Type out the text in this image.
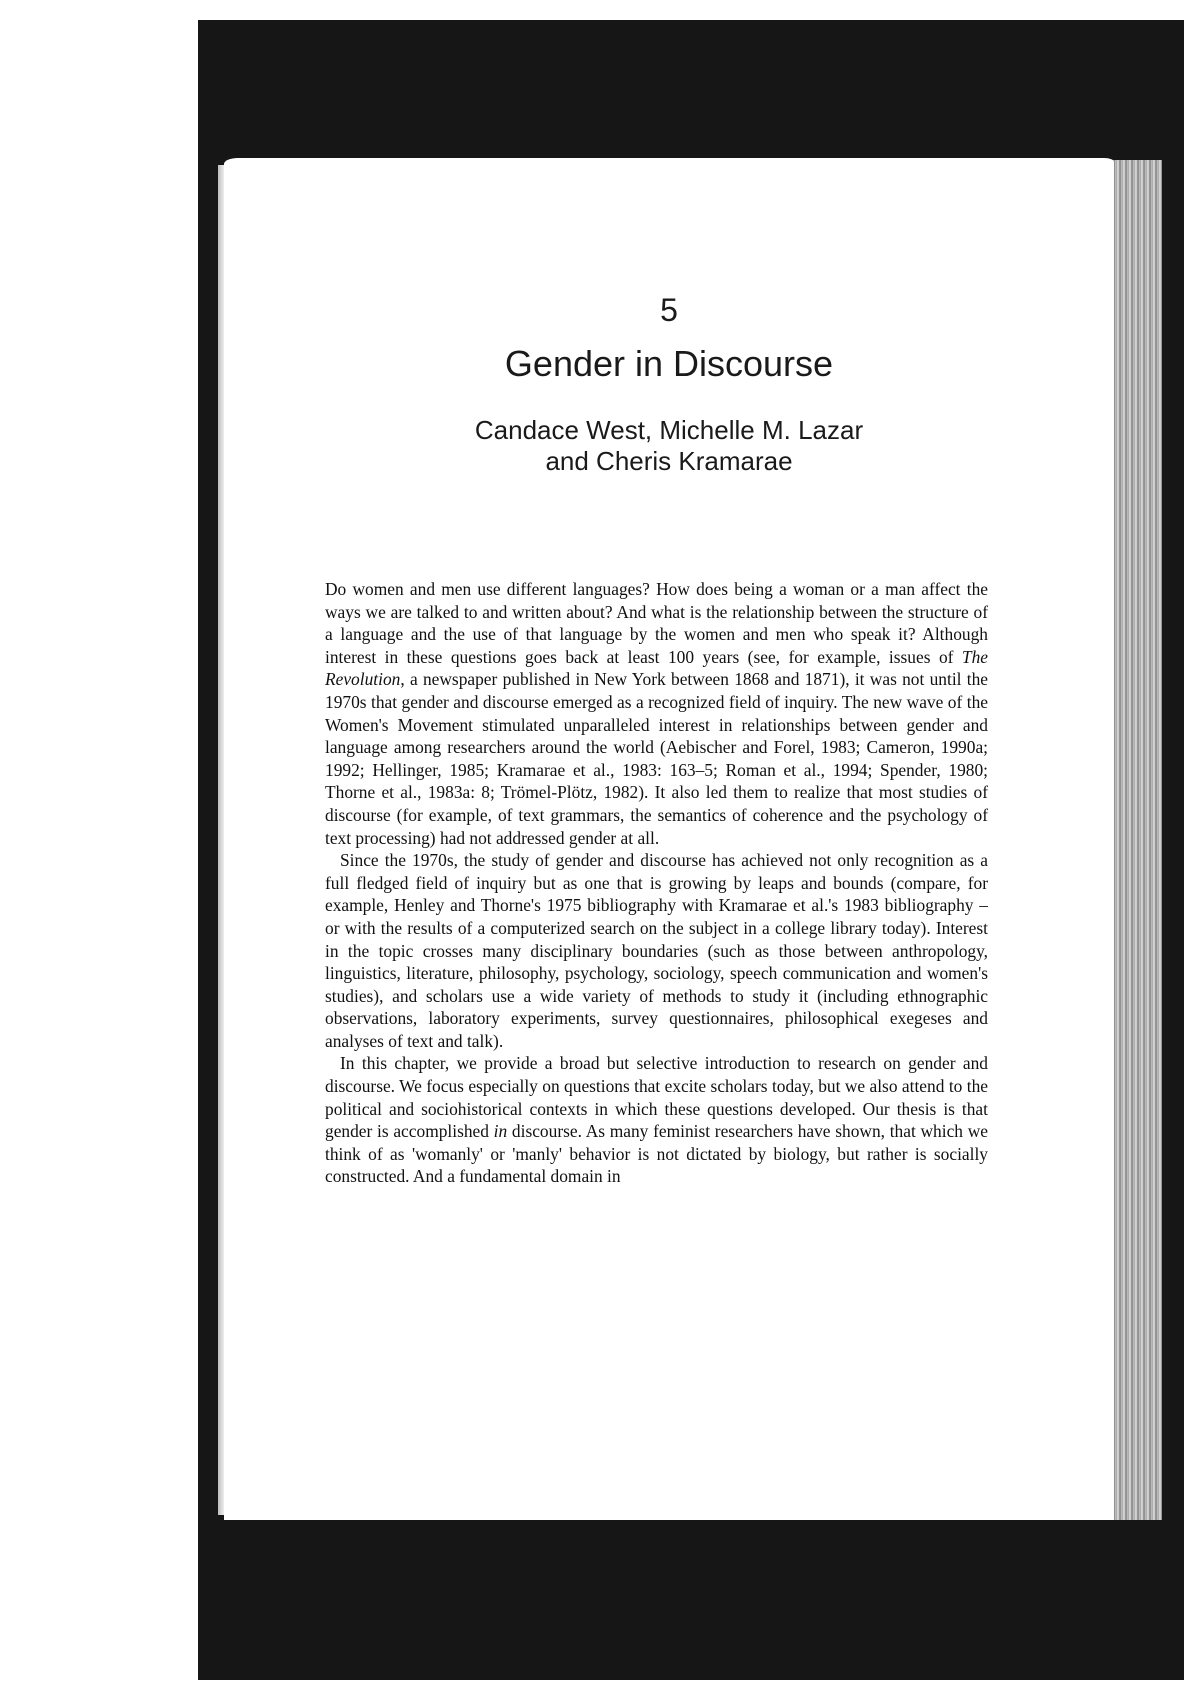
5
Gender in Discourse
Candace West, Michelle M. Lazar
and Cheris Kramarae

Do women and men use different languages? How does being a woman or a man affect the ways we are talked to and written about? And what is the relationship between the structure of a language and the use of that language by the women and men who speak it? Although interest in these questions goes back at least 100 years (see, for example, issues of The Revolution, a newspaper published in New York between 1868 and 1871), it was not until the 1970s that gender and discourse emerged as a recognized field of inquiry. The new wave of the Women's Movement stimulated unparalleled interest in relationships between gender and language among researchers around the world (Aebischer and Forel, 1983; Cameron, 1990a; 1992; Hellinger, 1985; Kramarae et al., 1983: 163–5; Roman et al., 1994; Spender, 1980; Thorne et al., 1983a: 8; Trömel-Plötz, 1982). It also led them to realize that most studies of discourse (for example, of text grammars, the semantics of coherence and the psychology of text processing) had not addressed gender at all.

Since the 1970s, the study of gender and discourse has achieved not only recognition as a full fledged field of inquiry but as one that is growing by leaps and bounds (compare, for example, Henley and Thorne's 1975 bibliography with Kramarae et al.'s 1983 bibliography – or with the results of a computerized search on the subject in a college library today). Interest in the topic crosses many disciplinary boundaries (such as those between anthropology, linguistics, literature, philosophy, psychology, sociology, speech communication and women's studies), and scholars use a wide variety of methods to study it (including ethnographic observations, laboratory experiments, survey questionnaires, philosophical exegeses and analyses of text and talk).

In this chapter, we provide a broad but selective introduction to research on gender and discourse. We focus especially on questions that excite scholars today, but we also attend to the political and sociohistorical contexts in which these questions developed. Our thesis is that gender is accomplished in discourse. As many feminist researchers have shown, that which we think of as 'womanly' or 'manly' behavior is not dictated by biology, but rather is socially constructed. And a fundamental domain in
